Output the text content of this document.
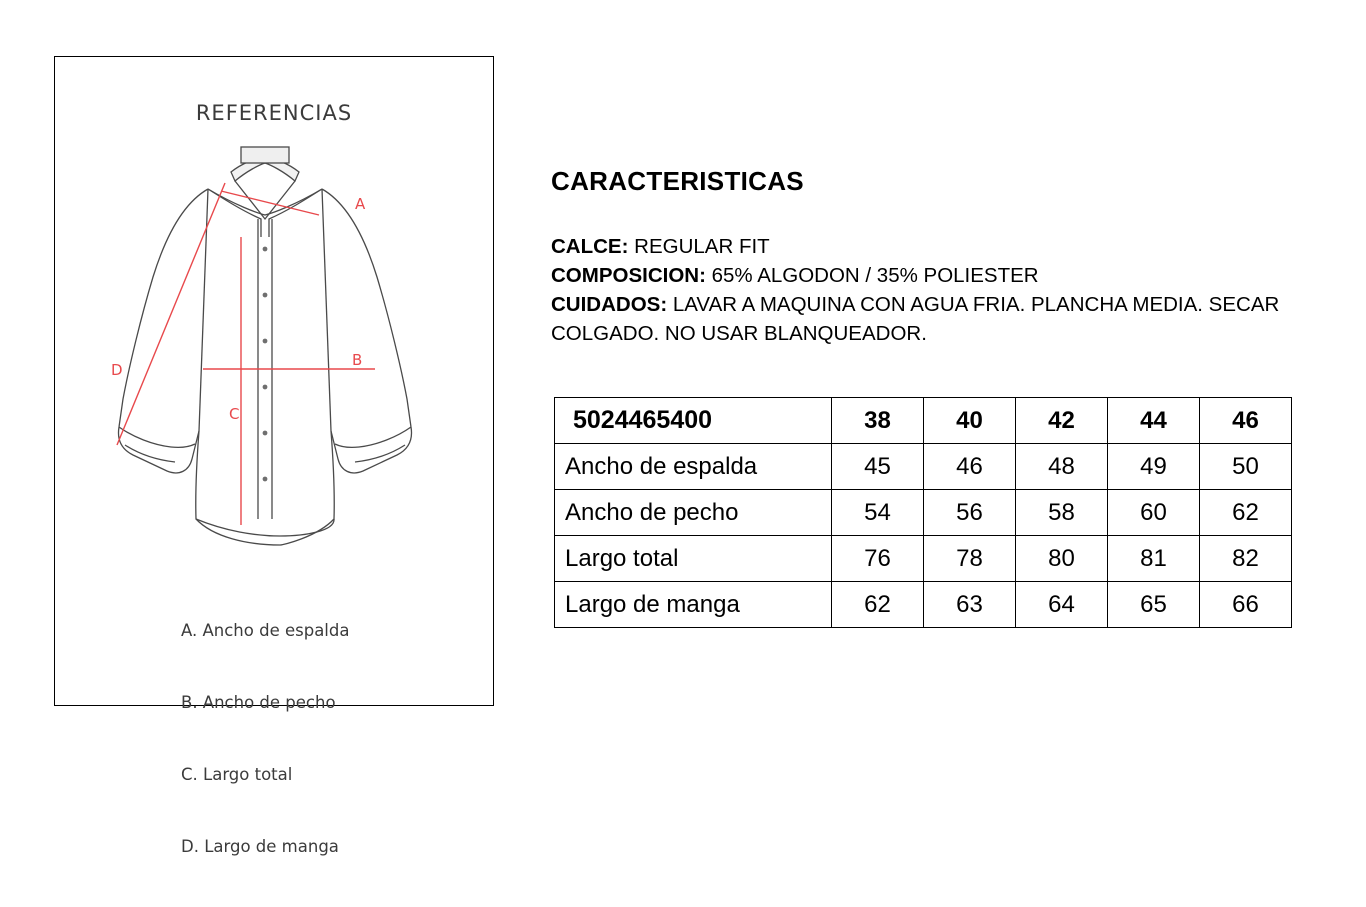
REFERENCIAS
A
B
C
D

A. Ancho de espalda

B. Ancho de pecho

C. Largo total

D. Largo de manga

CARACTERISTICAS
CALCE: REGULAR FIT
COMPOSICION: 65% ALGODON / 35% POLIESTER
CUIDADOS: LAVAR A MAQUINA CON AGUA FRIA. PLANCHA MEDIA. SECAR COLGADO. NO USAR BLANQUEADOR.
5024465400	38	40	42	44	46
Ancho de espalda	45	46	48	49	50
Ancho de pecho	54	56	58	60	62
Largo total	76	78	80	81	82
Largo de manga	62	63	64	65	66
